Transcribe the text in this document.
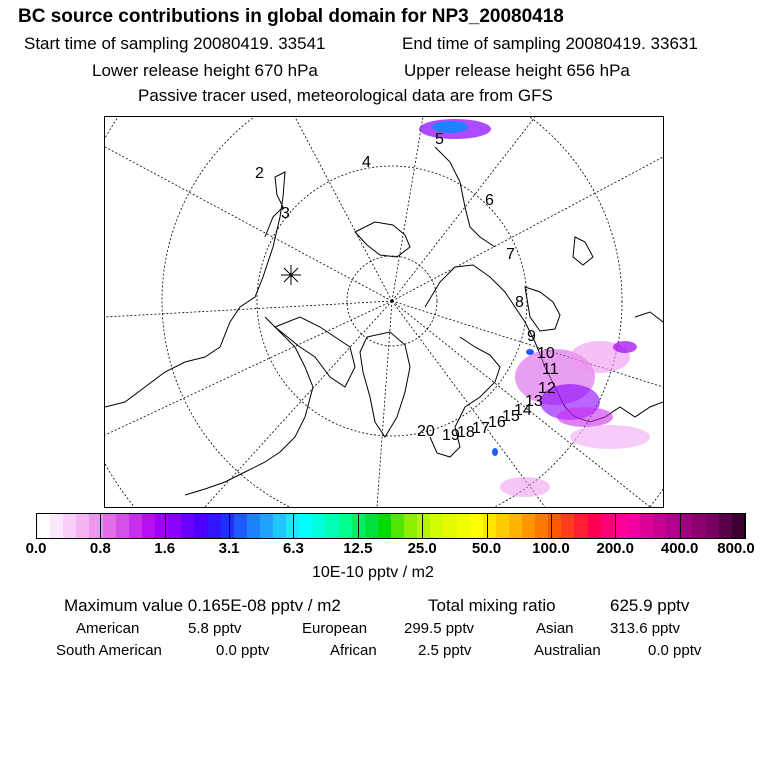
BC source contributions in global domain for NP3_20080418
Start time of sampling 20080419. 33541	End time of sampling 20080419. 33631
Lower release height 670 hPa	Upper release height 656 hPa
Passive tracer used, meteorological data are from GFS
2
3
4
5
6
7
8
9
10
11
12
13
14
15
16
17
18
19
20
0.0	0.8	1.6	3.1	6.3	12.5 25.0 50.0 100.0 200.0 400.0 800.0
10E-10 pptv / m2
Maximum value 0.165E-08 pptv / m2	Total mixing ratio	625.9 pptv
American	5.8 pptv	European 299.5 pptv	Asian 313.6 pptv
South American	0.0 pptv	African	2.5 pptv	Australian	0.0 pptv
